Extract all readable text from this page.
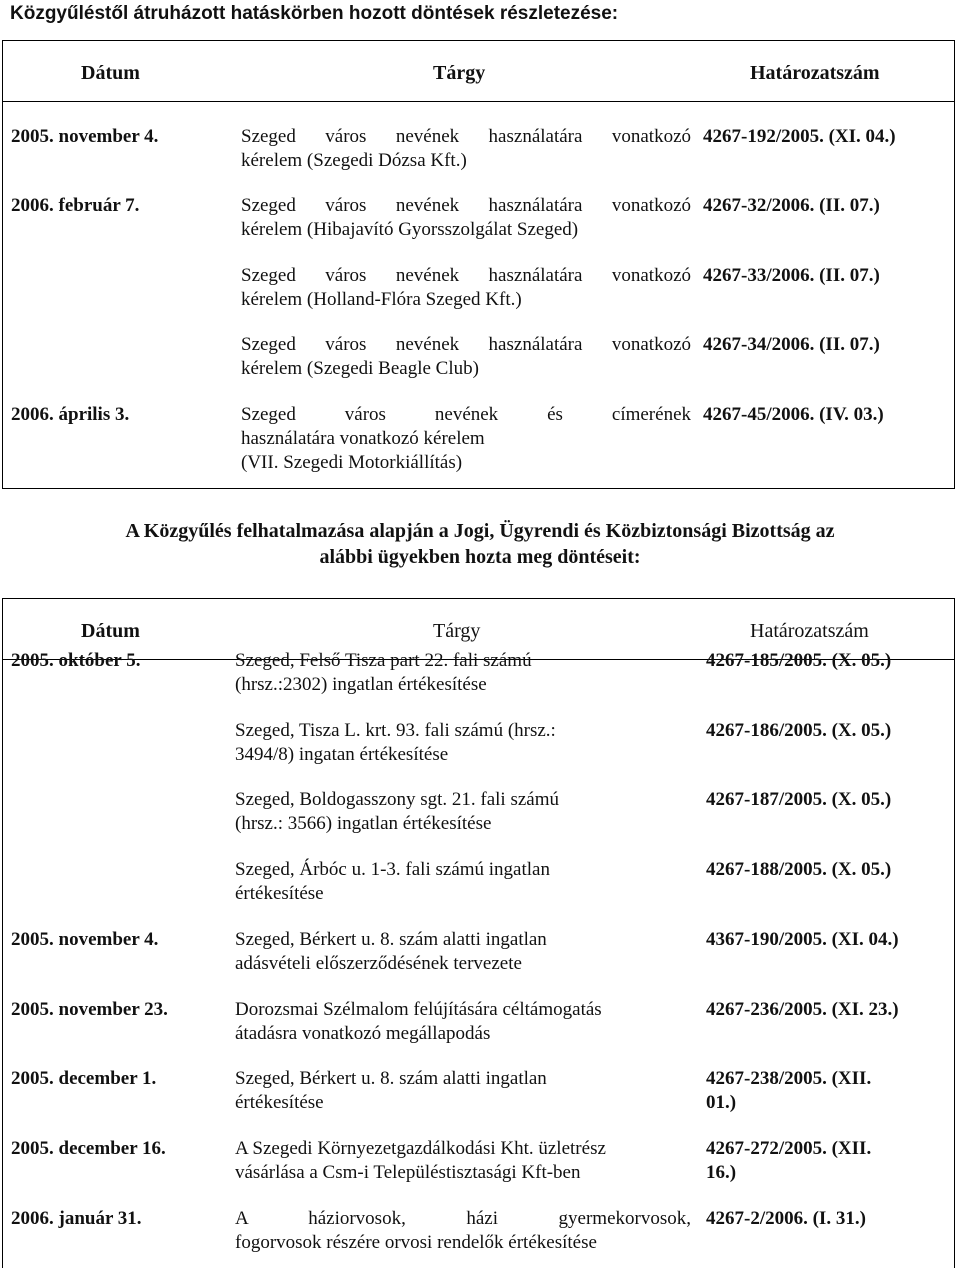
Közgyűléstől átruházott hatáskörben hozott döntések részletezése:
Dátum	Tárgy	Határozatszám
2005. november 4.	Szeged város nevének használatára vonatkozó
kérelem (Szegedi Dózsa Kft.)
4267-192/2005. (XI. 04.)
2006. február 7.	Szeged város nevének használatára vonatkozó
kérelem (Hibajavító Gyorsszolgálat Szeged)
4267-32/2006. (II. 07.)
Szeged város nevének használatára vonatkozó
kérelem (Holland-Flóra Szeged Kft.)
4267-33/2006. (II. 07.)
Szeged város nevének használatára vonatkozó
kérelem (Szegedi Beagle Club)
4267-34/2006. (II. 07.)
2006. április 3.	Szeged város nevének és címerének
használatára vonatkozó kérelem
(VII. Szegedi Motorkiállítás)
4267-45/2006. (IV. 03.)
A Közgyűlés felhatalmazása alapján a Jogi, Ügyrendi és Közbiztonsági Bizottság az
alábbi ügyekben hozta meg döntéseit:
Dátum	Tárgy	Határozatszám
2005. október 5.	Szeged, Felső Tisza part 22. fali számú
(hrsz.:2302) ingatlan értékesítése
4267-185/2005. (X. 05.)
Szeged, Tisza L. krt. 93. fali számú (hrsz.:
3494/8) ingatan értékesítése
4267-186/2005. (X. 05.)
Szeged, Boldogasszony sgt. 21. fali számú
(hrsz.: 3566) ingatlan értékesítése
4267-187/2005. (X. 05.)
Szeged, Árbóc u. 1-3. fali számú ingatlan
értékesítése
4267-188/2005. (X. 05.)
2005. november 4.	Szeged, Bérkert u. 8. szám alatti ingatlan
adásvételi előszerződésének tervezete
4367-190/2005. (XI. 04.)
2005. november 23.	Dorozsmai Szélmalom felújítására céltámogatás
átadásra vonatkozó megállapodás
4267-236/2005. (XI. 23.)
2005. december 1.	Szeged, Bérkert u. 8. szám alatti ingatlan
értékesítése
4267-238/2005. (XII.
01.)
2005. december 16.	A Szegedi Környezetgazdálkodási Kht. üzletrész
vásárlása a Csm-i Településtisztasági Kft-ben
4267-272/2005. (XII.
16.)
2006. január 31.	A háziorvosok, házi gyermekorvosok,
fogorvosok részére orvosi rendelők értékesítése
4267-2/2006. (I. 31.)
